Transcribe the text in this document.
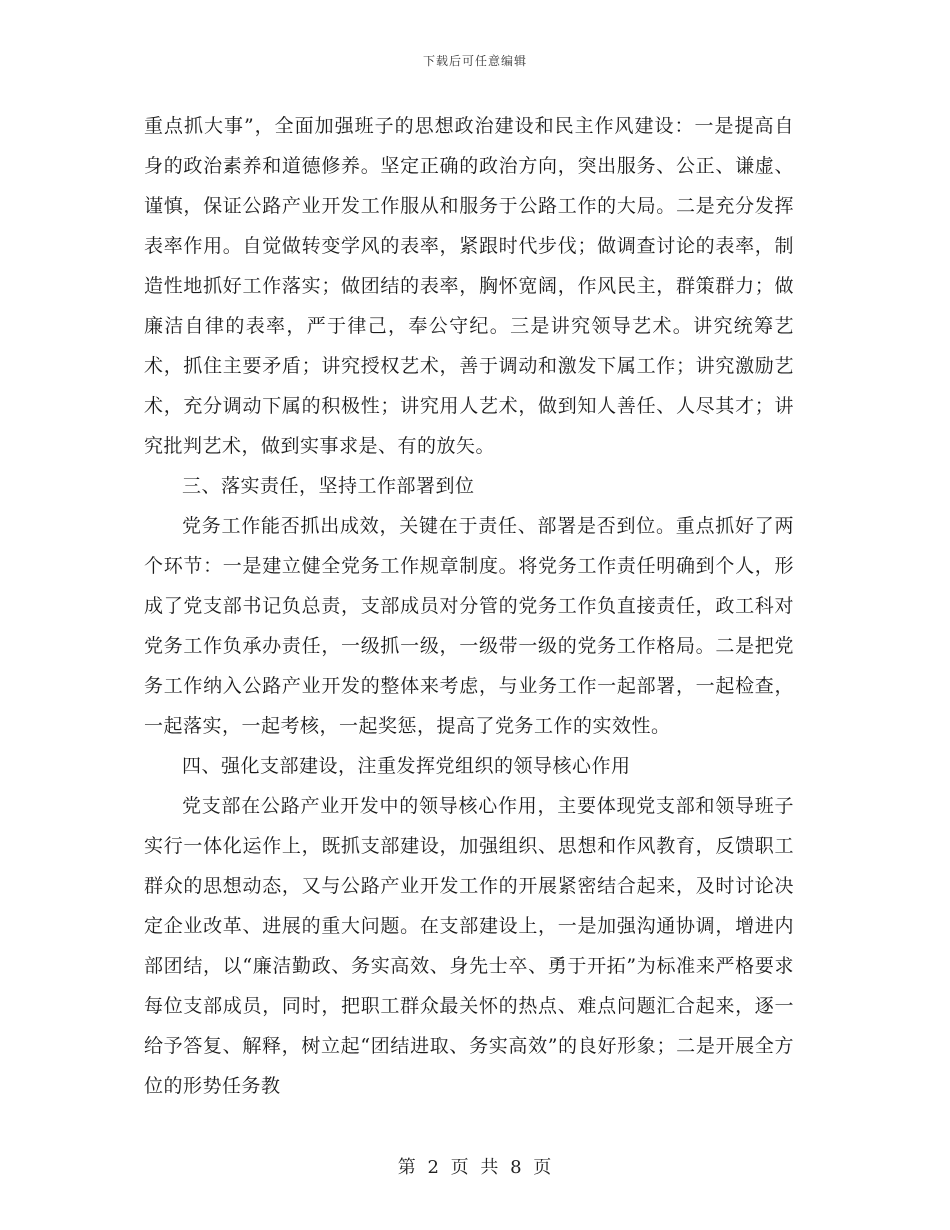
下载后可任意编辑

重点抓大事”，全面加强班子的思想政治建设和民主作风建设：一是提高自身的政治素养和道德修养。坚定正确的政治方向，突出服务、公正、谦虚、谨慎，保证公路产业开发工作服从和服务于公路工作的大局。二是充分发挥表率作用。自觉做转变学风的表率，紧跟时代步伐；做调查讨论的表率，制造性地抓好工作落实；做团结的表率，胸怀宽阔，作风民主，群策群力；做廉洁自律的表率，严于律己，奉公守纪。三是讲究领导艺术。讲究统筹艺术，抓住主要矛盾；讲究授权艺术，善于调动和激发下属工作；讲究激励艺术，充分调动下属的积极性；讲究用人艺术，做到知人善任、人尽其才；讲究批判艺术，做到实事求是、有的放矢。

三、落实责任，坚持工作部署到位

党务工作能否抓出成效，关键在于责任、部署是否到位。重点抓好了两个环节：一是建立健全党务工作规章制度。将党务工作责任明确到个人，形成了党支部书记负总责，支部成员对分管的党务工作负直接责任，政工科对党务工作负承办责任，一级抓一级，一级带一级的党务工作格局。二是把党务工作纳入公路产业开发的整体来考虑，与业务工作一起部署，一起检查，一起落实，一起考核，一起奖惩，提高了党务工作的实效性。

四、强化支部建设，注重发挥党组织的领导核心作用

党支部在公路产业开发中的领导核心作用，主要体现党支部和领导班子实行一体化运作上，既抓支部建设，加强组织、思想和作风教育，反馈职工群众的思想动态，又与公路产业开发工作的开展紧密结合起来，及时讨论决定企业改革、进展的重大问题。在支部建设上，一是加强沟通协调，增进内部团结，以“廉洁勤政、务实高效、身先士卒、勇于开拓”为标准来严格要求每位支部成员，同时，把职工群众最关怀的热点、难点问题汇合起来，逐一给予答复、解释，树立起“团结进取、务实高效”的良好形象；二是开展全方位的形势任务教

第 2 页 共 8 页
